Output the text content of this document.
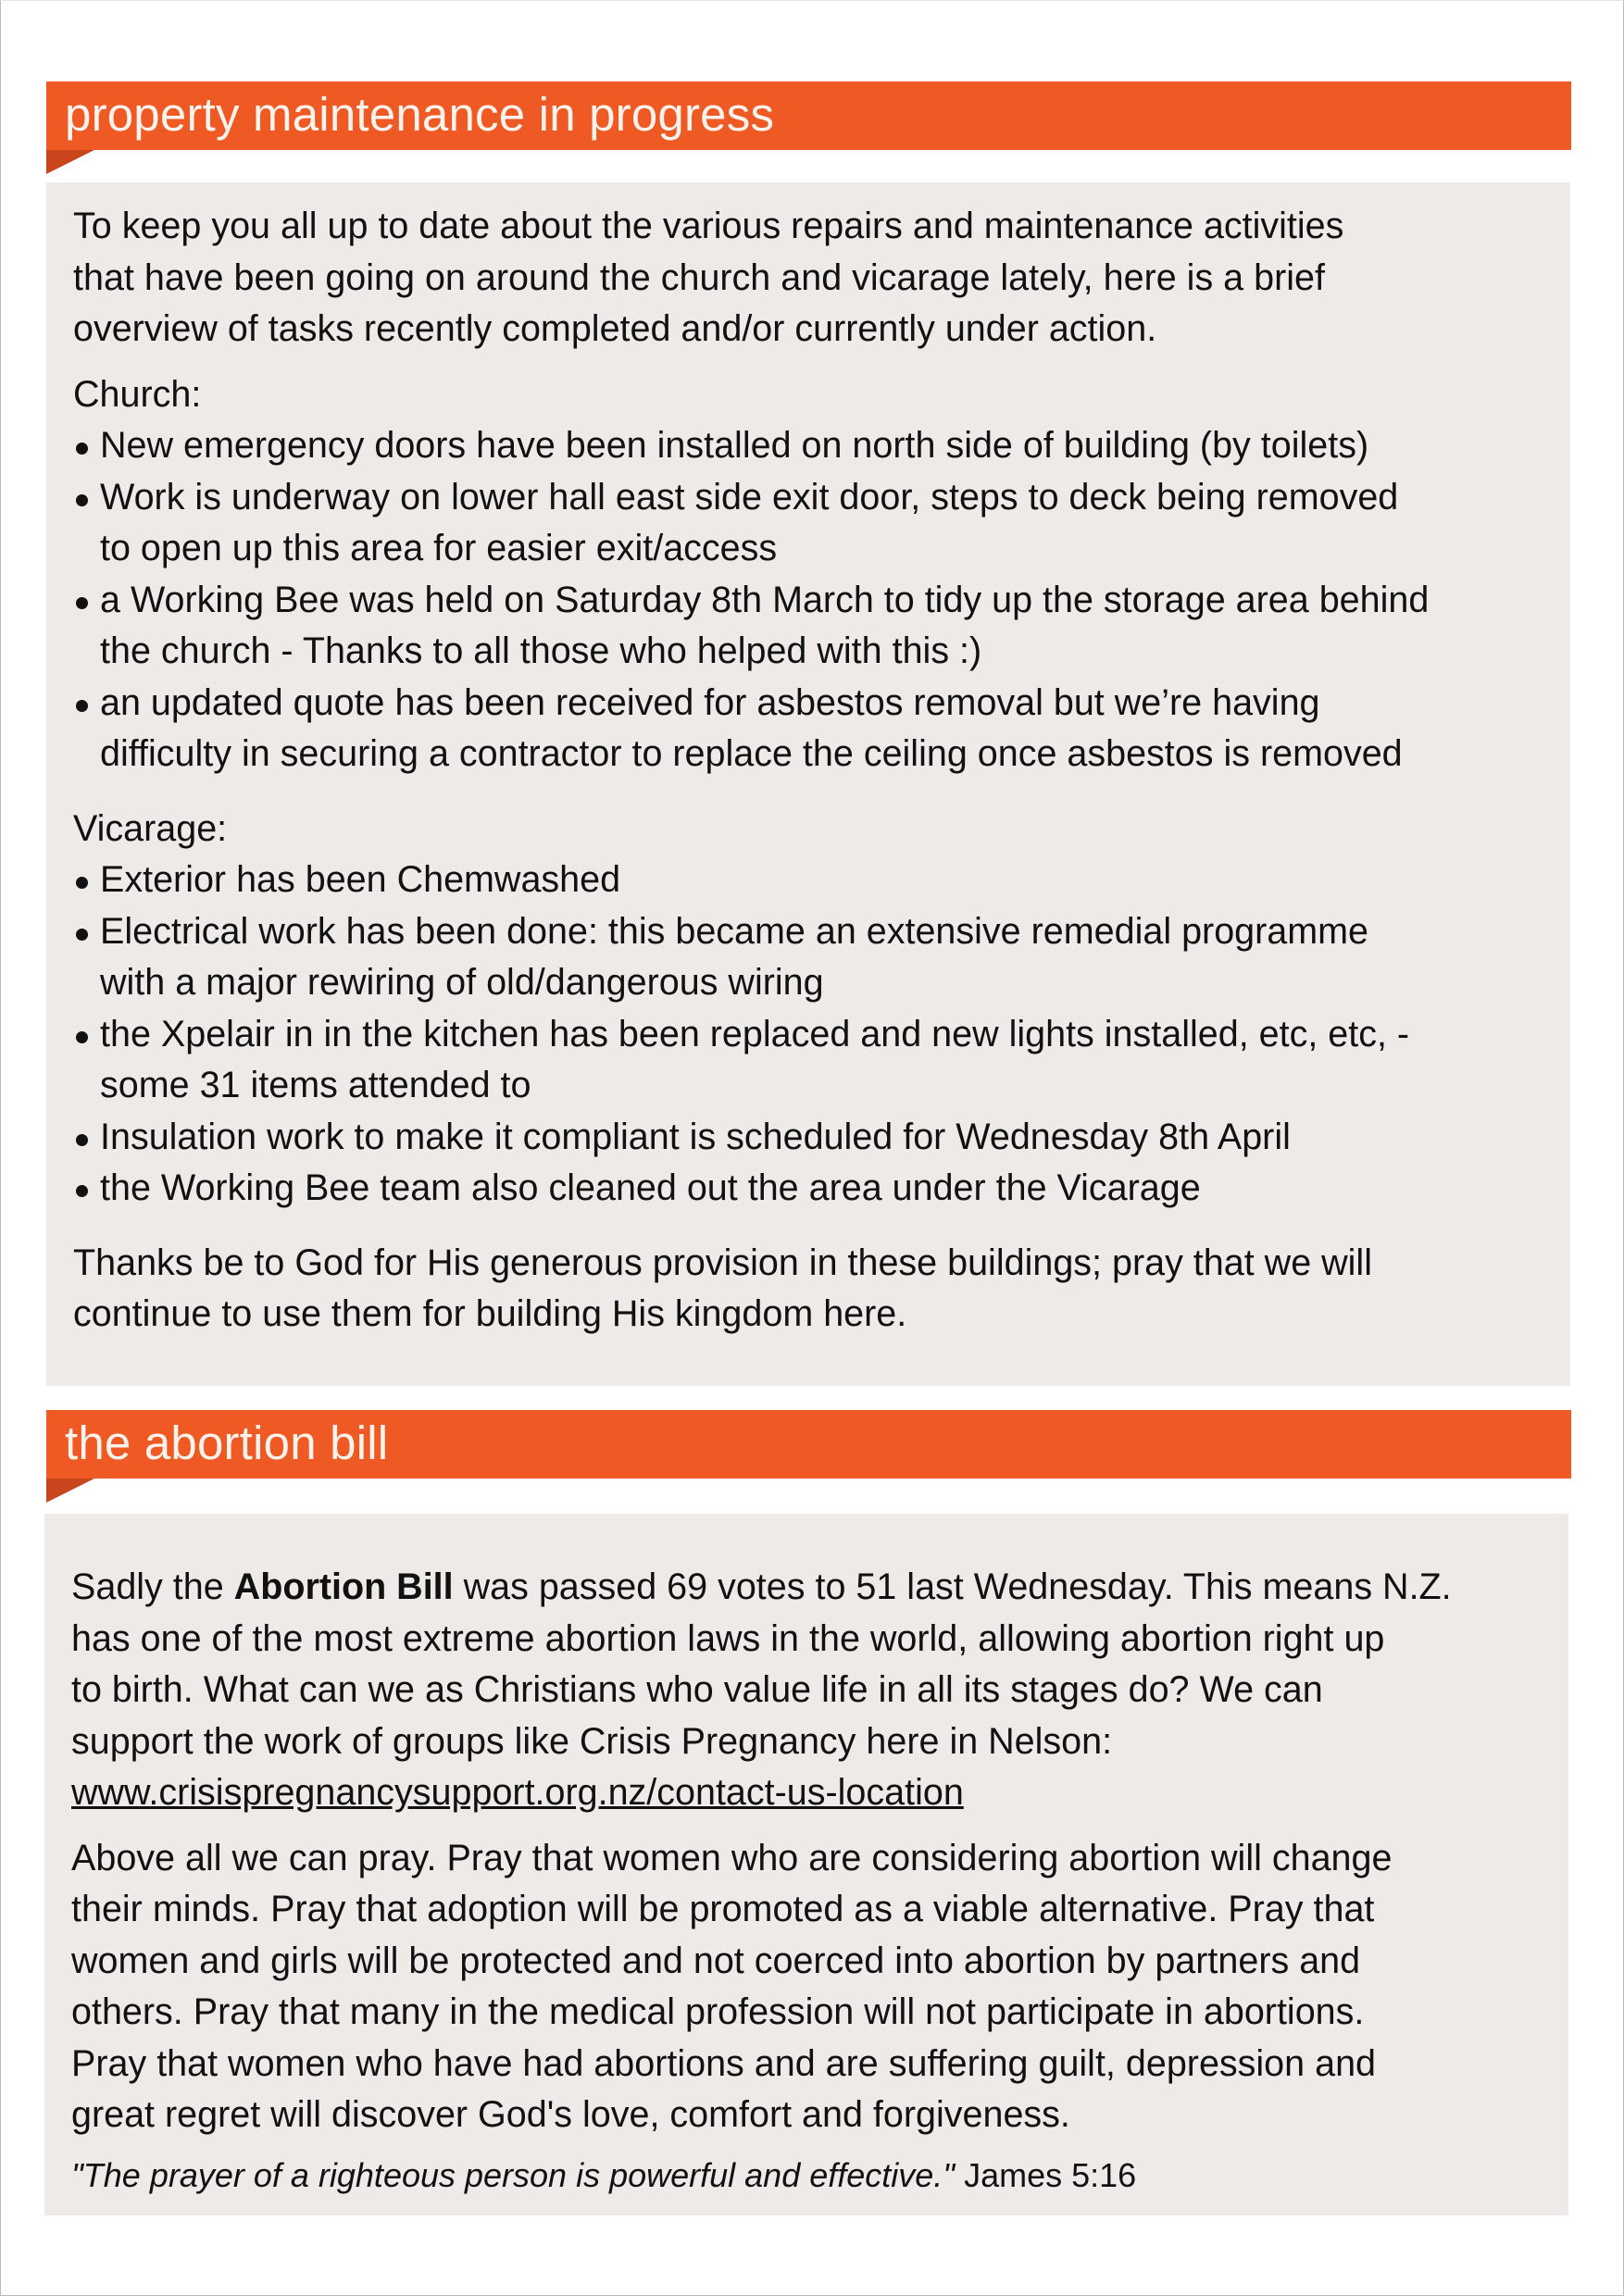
property maintenance in progress

To keep you all up to date about the various repairs and maintenance activities
that have been going on around the church and vicarage lately, here is a brief
overview of tasks recently completed and/or currently under action.

Church:

New emergency doors have been installed on north side of building (by toilets)
Work is underway on lower hall east side exit door, steps to deck being removed
to open up this area for easier exit/access
a Working Bee was held on Saturday 8th March to tidy up the storage area behind
the church - Thanks to all those who helped with this :)
an updated quote has been received for asbestos removal but we’re having
difficulty in securing a contractor to replace the ceiling once asbestos is removed

Vicarage:

Exterior has been Chemwashed
Electrical work has been done: this became an extensive remedial programme
with a major rewiring of old/dangerous wiring
the Xpelair in in the kitchen has been replaced and new lights installed, etc, etc, -
some 31 items attended to
Insulation work to make it compliant is scheduled for Wednesday 8th April
the Working Bee team also cleaned out the area under the Vicarage

Thanks be to God for His generous provision in these buildings; pray that we will
continue to use them for building His kingdom here.

the abortion bill

Sadly the Abortion Bill was passed 69 votes to 51 last Wednesday. This means N.Z.
has one of the most extreme abortion laws in the world, allowing abortion right up
to birth. What can we as Christians who value life in all its stages do? We can
support the work of groups like Crisis Pregnancy here in Nelson:
www.crisispregnancysupport.org.nz/contact-us-location

Above all we can pray. Pray that women who are considering abortion will change
their minds. Pray that adoption will be promoted as a viable alternative. Pray that
women and girls will be protected and not coerced into abortion by partners and
others. Pray that many in the medical profession will not participate in abortions.
Pray that women who have had abortions and are suffering guilt, depression and
great regret will discover God's love, comfort and forgiveness.

"The prayer of a righteous person is powerful and effective." James 5:16
